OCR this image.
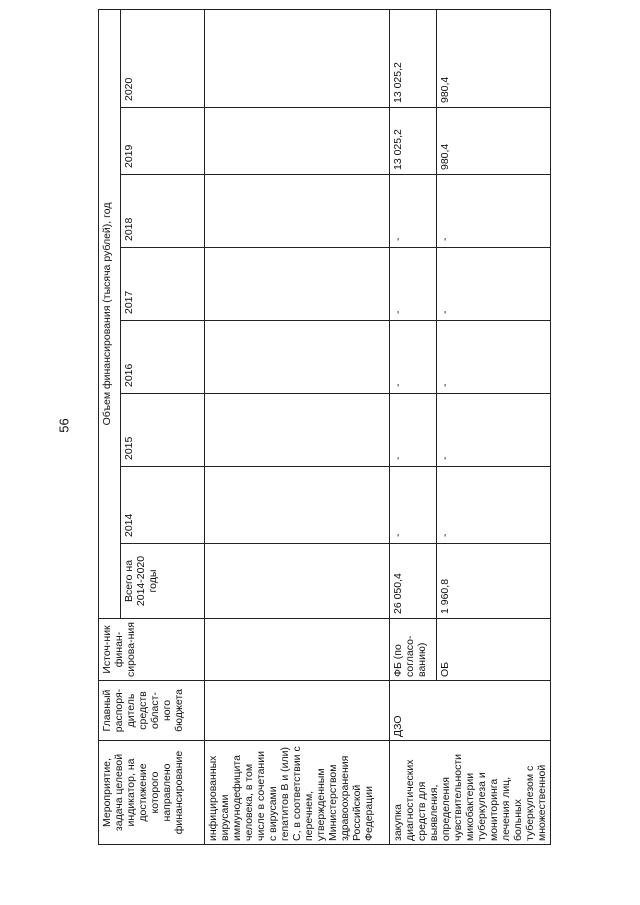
56
Мероприятие, задача целевой индикатор, на достижение которого направлено финансирование	Главный распоря-дитель средств област-ного бюджета	Источ-ник финан-сирова-ния	Объем финансирования (тысяча рублей), год							
			Всего на 2014-2020 годы	2014	2015	2016	2017	2018	2019	2020
инфицированных вирусами иммунодефицита человека, в том числе в сочетании с вирусами гепатитов В и (или) С, в соответствии с перечнем, утвержденным Министерством здравоохранения Российской Федерации										
закупка диагностических средств для выявления, определения чувствительности микобактерии туберкулеза и мониторинга лечения лиц, больных туберкулезом с множественной	ДЗО	ФБ (по согласо-ванию)	26 050,4	-	-	-	-	-	13 025,2	13 025,2
		ОБ	1 960,8	-	-	-	-	-	980,4	980,4
